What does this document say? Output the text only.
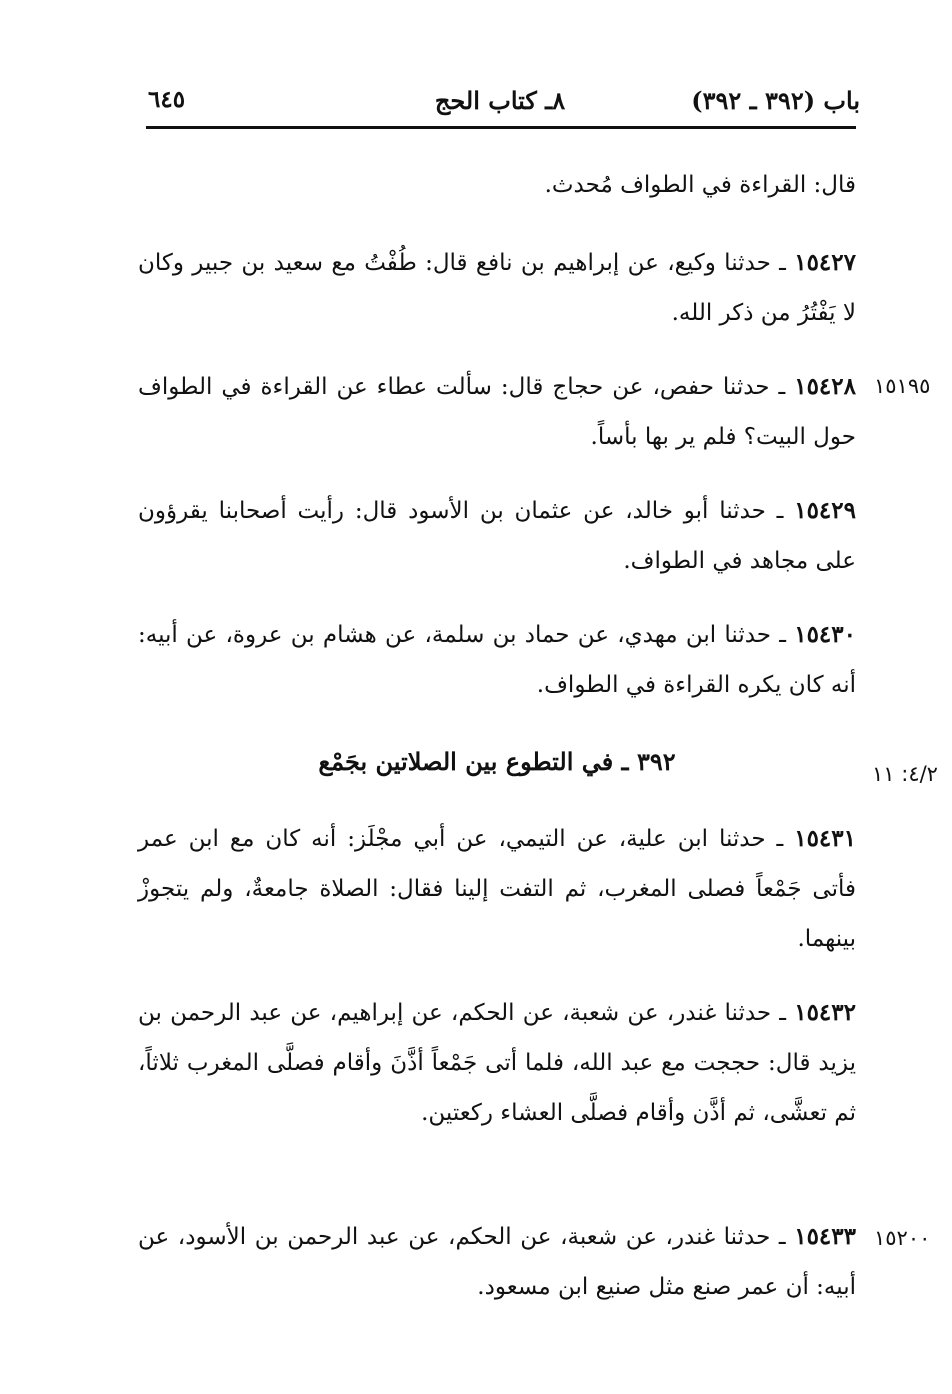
٦٤٥	٨ـ كتاب الحج	باب (٣٩٢ ـ ٣٩٢)
قال: القراءة في الطواف مُحدث.
١٥٤٢٧ ـ حدثنا وكيع، عن إبراهيم بن نافع قال: طُفْتُ مع سعيد بن جبير وكان لا يَفْتُرُ من ذكر الله.
١٥٤٢٨ ـ حدثنا حفص، عن حجاج قال: سألت عطاء عن القراءة في الطواف حول البيت؟ فلم ير بها بأساً.
١٥٤٢٩ ـ حدثنا أبو خالد، عن عثمان بن الأسود قال: رأيت أصحابنا يقرؤون على مجاهد في الطواف.
١٥٤٣٠ ـ حدثنا ابن مهدي، عن حماد بن سلمة، عن هشام بن عروة، عن أبيه: أنه كان يكره القراءة في الطواف.
٣٩٢ ـ في التطوع بين الصلاتين بجَمْع
١٥٤٣١ ـ حدثنا ابن علية، عن التيمي، عن أبي مجْلَز: أنه كان مع ابن عمر فأتى جَمْعاً فصلى المغرب، ثم التفت إلينا فقال: الصلاة جامعةٌ، ولم يتجوزْ بينهما.
١٥٤٣٢ ـ حدثنا غندر، عن شعبة، عن الحكم، عن إبراهيم، عن عبد الرحمن بن يزيد قال: حججت مع عبد الله، فلما أتى جَمْعاً أذَّنَ وأقام فصلَّى المغرب ثلاثاً، ثم تعشَّى، ثم أذَّن وأقام فصلَّى العشاء ركعتين.
١٥٤٣٣ ـ حدثنا غندر، عن شعبة، عن الحكم، عن عبد الرحمن بن الأسود، عن أبيه: أن عمر صنع مثل صنيع ابن مسعود.
١٥١٩٥
٤/٢: ١١
١٥٢٠٠
